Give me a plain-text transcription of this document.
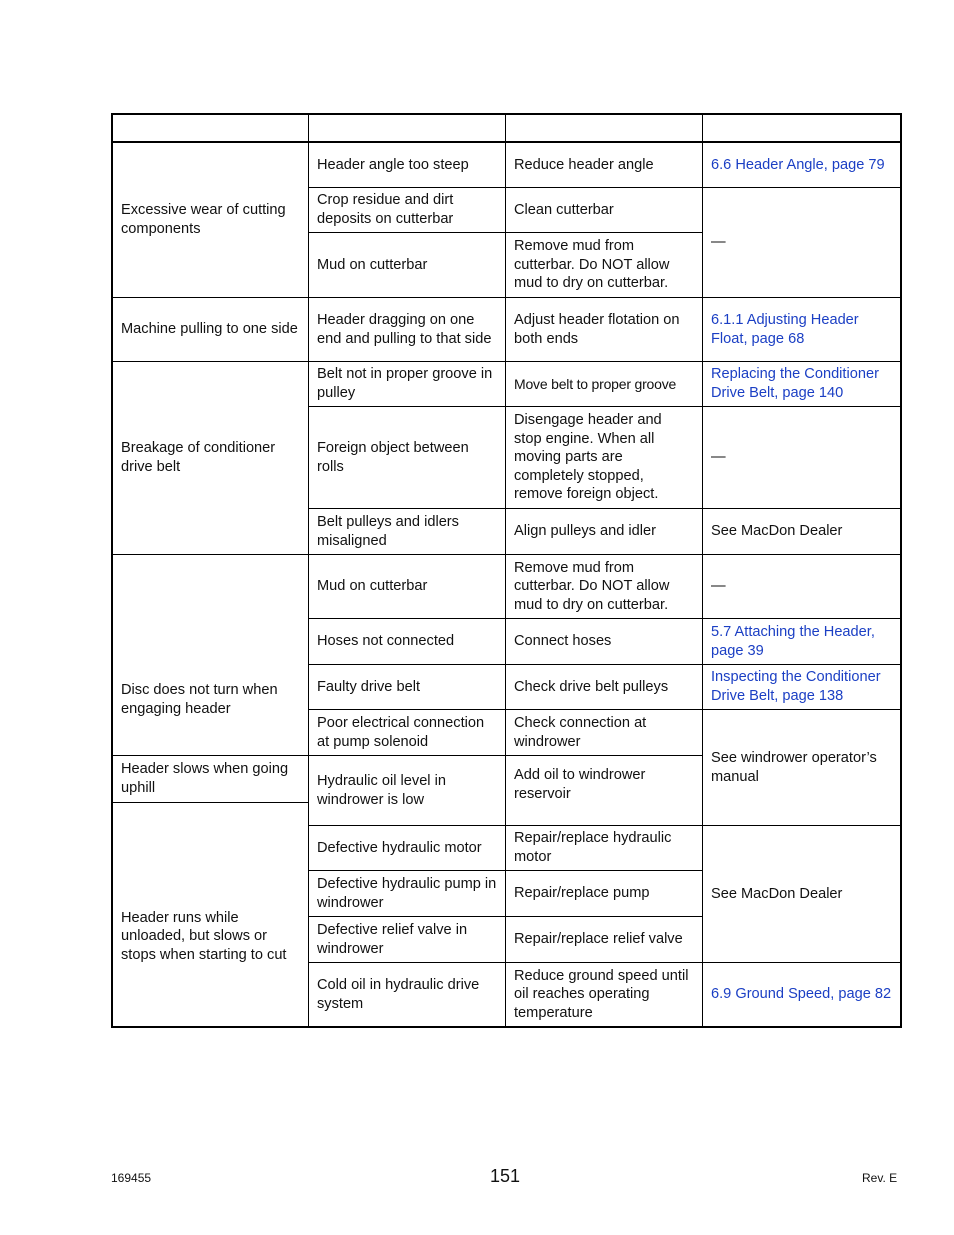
Excessive wear of cutting components
Machine pulling to one side
Breakage of conditioner drive belt
Disc does not turn when engaging header
Header slows when going uphill
Header runs while unloaded, but slows or stops when starting to cut
Header angle too steep
Crop residue and dirt deposits on cutterbar
Mud on cutterbar
Header dragging on one end and pulling to that side
Belt not in proper groove in pulley
Foreign object between rolls
Belt pulleys and idlers misaligned
Mud on cutterbar
Hoses not connected
Faulty drive belt
Poor electrical connection at pump solenoid
Hydraulic oil level in windrower is low
Defective hydraulic motor
Defective hydraulic pump in windrower
Defective relief valve in windrower
Cold oil in hydraulic drive system
Reduce header angle
Clean cutterbar
Remove mud from cutterbar. Do NOT allow mud to dry on cutterbar.
Adjust header flotation on both ends
Move belt to proper groove
Disengage header and stop engine. When all moving parts are completely stopped, remove foreign object.
Align pulleys and idler
Remove mud from cutterbar. Do NOT allow mud to dry on cutterbar.
Connect hoses
Check drive belt pulleys
Check connection at windrower
Add oil to windrower reservoir
Repair/replace hydraulic motor
Repair/replace pump
Repair/replace relief valve
Reduce ground speed until oil reaches operating temperature
6.6 Header Angle, page 79
—
6.1.1 Adjusting Header Float, page 68
Replacing the Conditioner Drive Belt, page 140
—
See MacDon Dealer
—
5.7 Attaching the Header, page 39
Inspecting the Conditioner Drive Belt, page 138
See windrower operator’s manual
See MacDon Dealer
6.9 Ground Speed, page 82
169455	151	Rev. E
